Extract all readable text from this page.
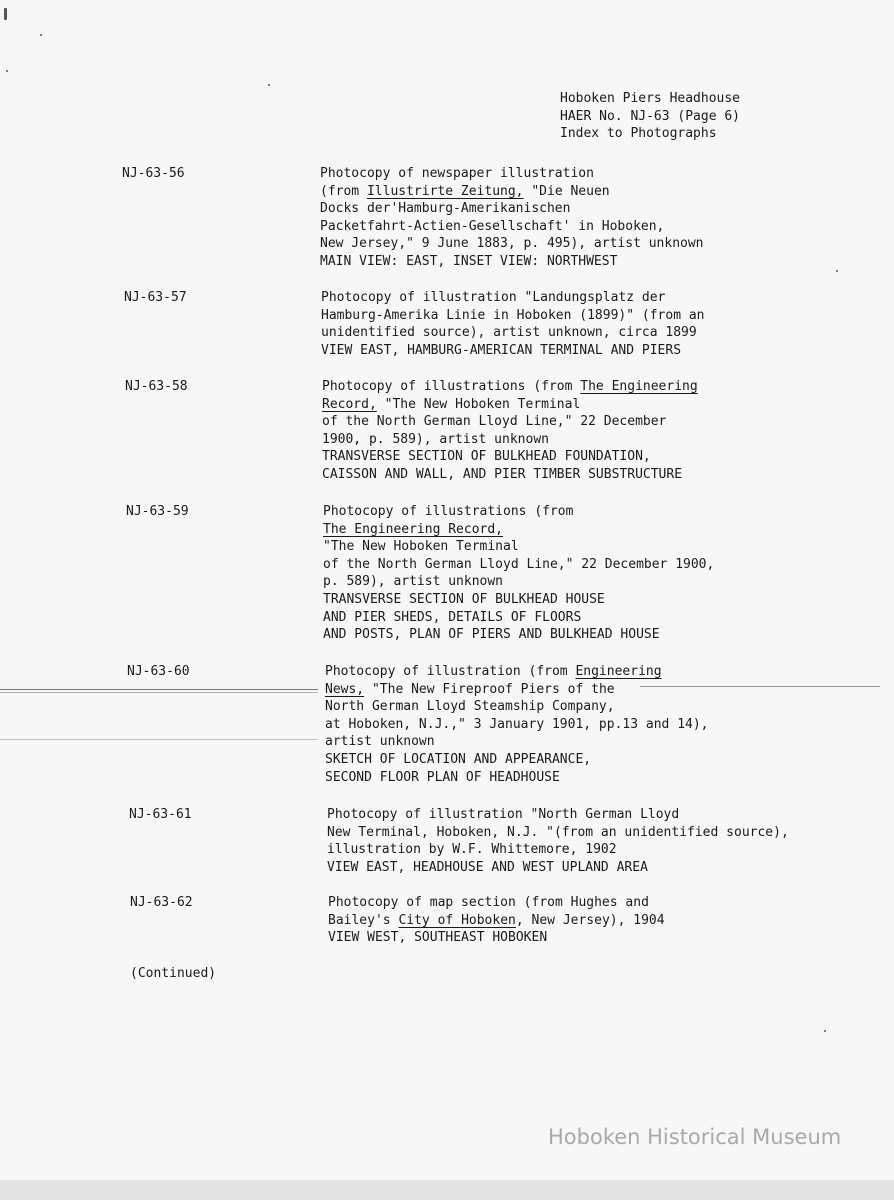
Hoboken Piers Headhouse
HAER No. NJ-63 (Page 6)
Index to Photographs
NJ-63-56	Photocopy of newspaper illustration
(from Illustrirte Zeitung, "Die Neuen
Docks der'Hamburg-Amerikanischen
Packetfahrt-Actien-Gesellschaft' in Hoboken,
New Jersey," 9 June 1883, p. 495), artist unknown
MAIN VIEW: EAST, INSET VIEW: NORTHWEST
NJ-63-57	Photocopy of illustration "Landungsplatz der
Hamburg-Amerika Linie in Hoboken (1899)" (from an
unidentified source), artist unknown, circa 1899
VIEW EAST, HAMBURG-AMERICAN TERMINAL AND PIERS
NJ-63-58	Photocopy of illustrations (from The Engineering
Record, "The New Hoboken Terminal
of the North German Lloyd Line," 22 December
1900, p. 589), artist unknown
TRANSVERSE SECTION OF BULKHEAD FOUNDATION,
CAISSON AND WALL, AND PIER TIMBER SUBSTRUCTURE
NJ-63-59	Photocopy of illustrations (from
The Engineering Record,
"The New Hoboken Terminal
of the North German Lloyd Line," 22 December 1900,
p. 589), artist unknown
TRANSVERSE SECTION OF BULKHEAD HOUSE
AND PIER SHEDS, DETAILS OF FLOORS
AND POSTS, PLAN OF PIERS AND BULKHEAD HOUSE
NJ-63-60	Photocopy of illustration (from Engineering
News, "The New Fireproof Piers of the
North German Lloyd Steamship Company,
at Hoboken, N.J.," 3 January 1901, pp.13 and 14),
artist unknown
SKETCH OF LOCATION AND APPEARANCE,
SECOND FLOOR PLAN OF HEADHOUSE
NJ-63-61	Photocopy of illustration "North German Lloyd
New Terminal, Hoboken, N.J. "(from an unidentified source),
illustration by W.F. Whittemore, 1902
VIEW EAST, HEADHOUSE AND WEST UPLAND AREA
NJ-63-62	Photocopy of map section (from Hughes and
Bailey's City of Hoboken, New Jersey), 1904
VIEW WEST, SOUTHEAST HOBOKEN
(Continued)
Hoboken Historical Museum
